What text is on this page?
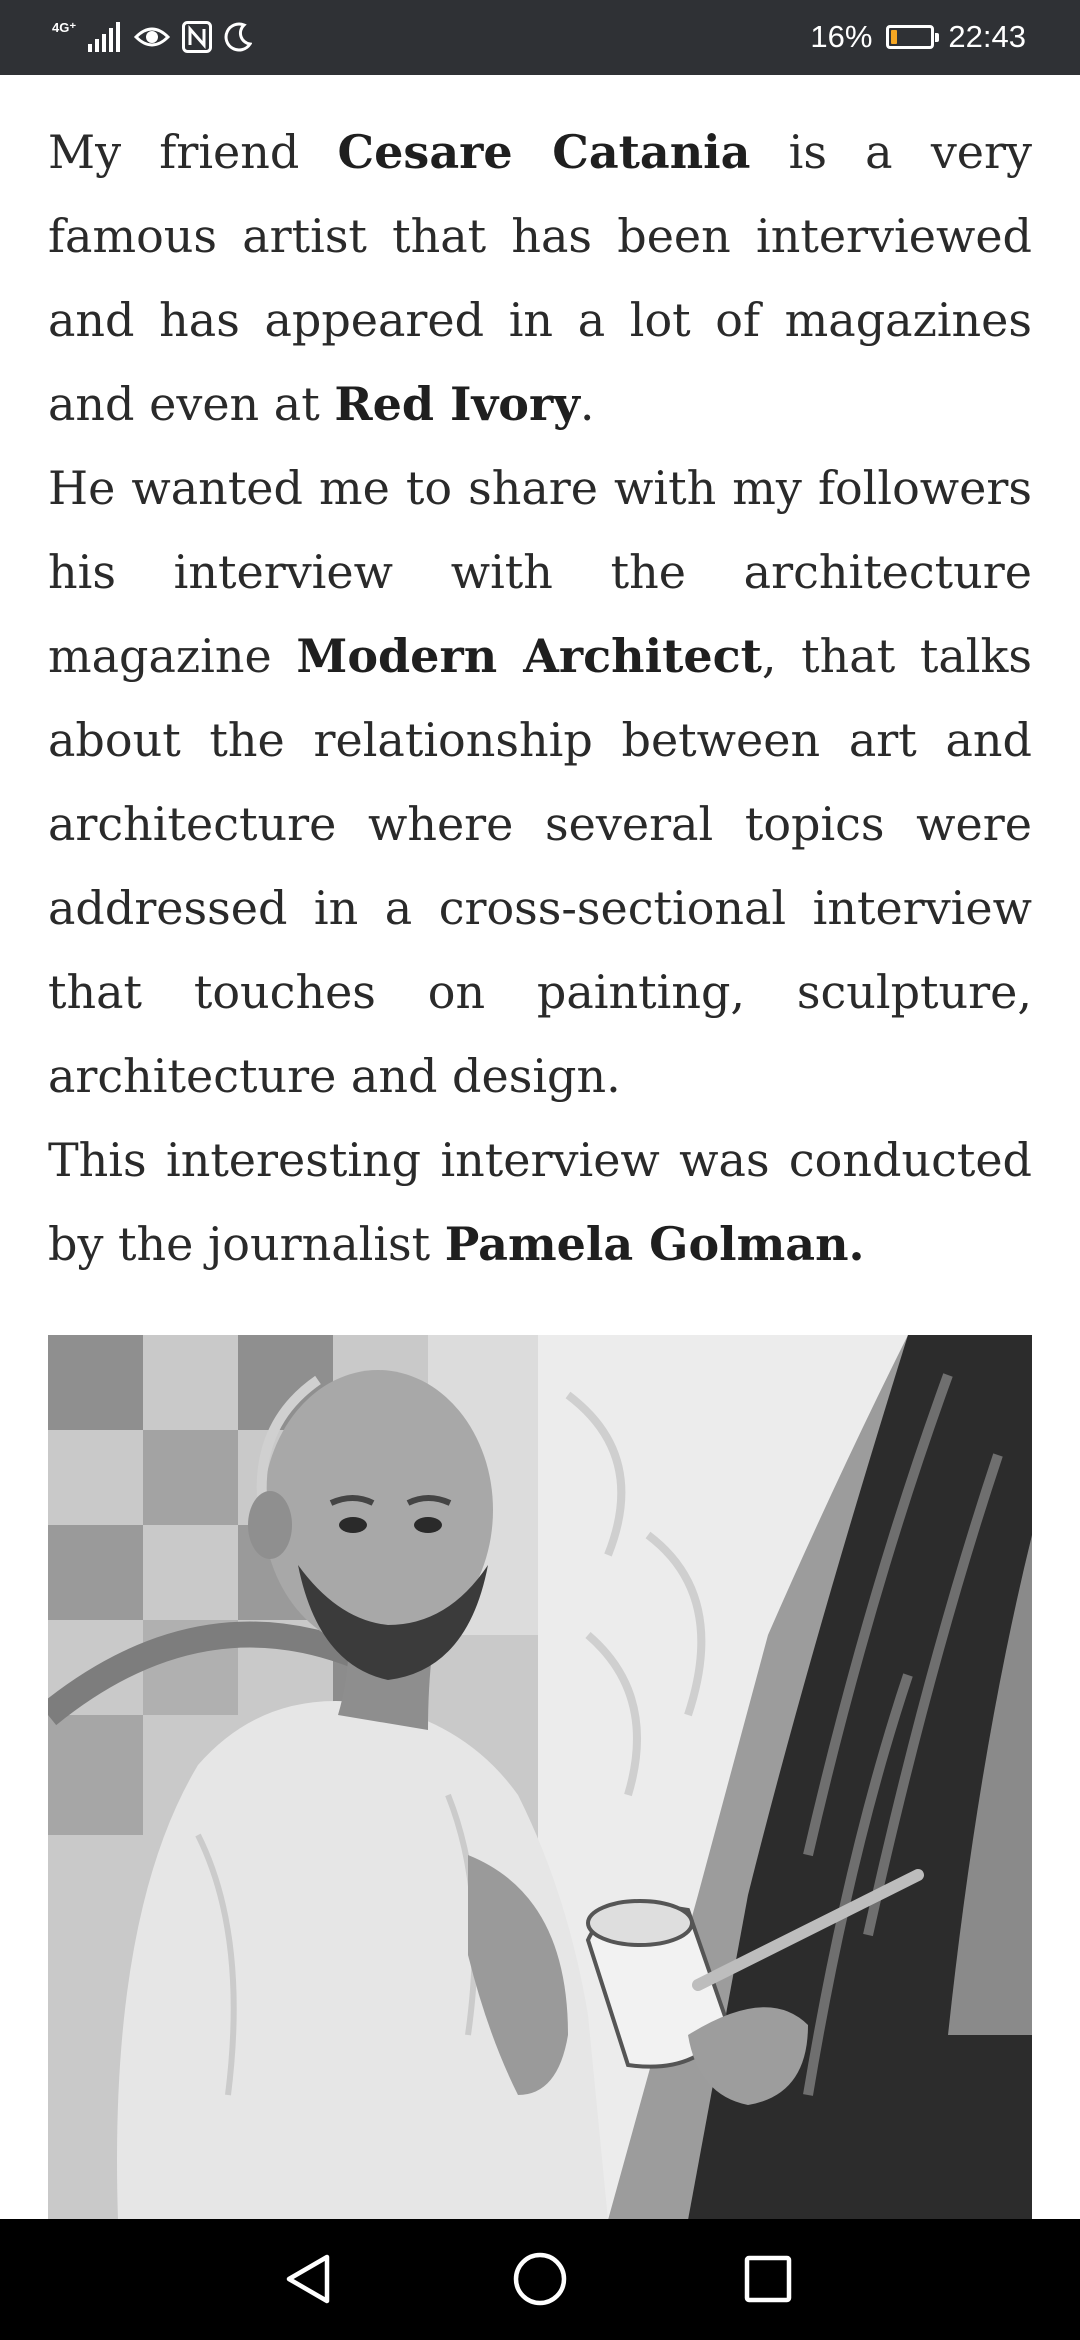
4G⁺	16% 22:43

My friend Cesare Catania is a very famous artist that has been interviewed and has appeared in a lot of magazines and even at Red Ivory.

He wanted me to share with my followers his interview with the architecture magazine Modern Architect, that talks about the relationship between art and architecture where several topics were addressed in a cross-sectional interview that touches on painting, sculpture, architecture and design.

This interesting interview was conducted by the journalist Pamela Golman.
